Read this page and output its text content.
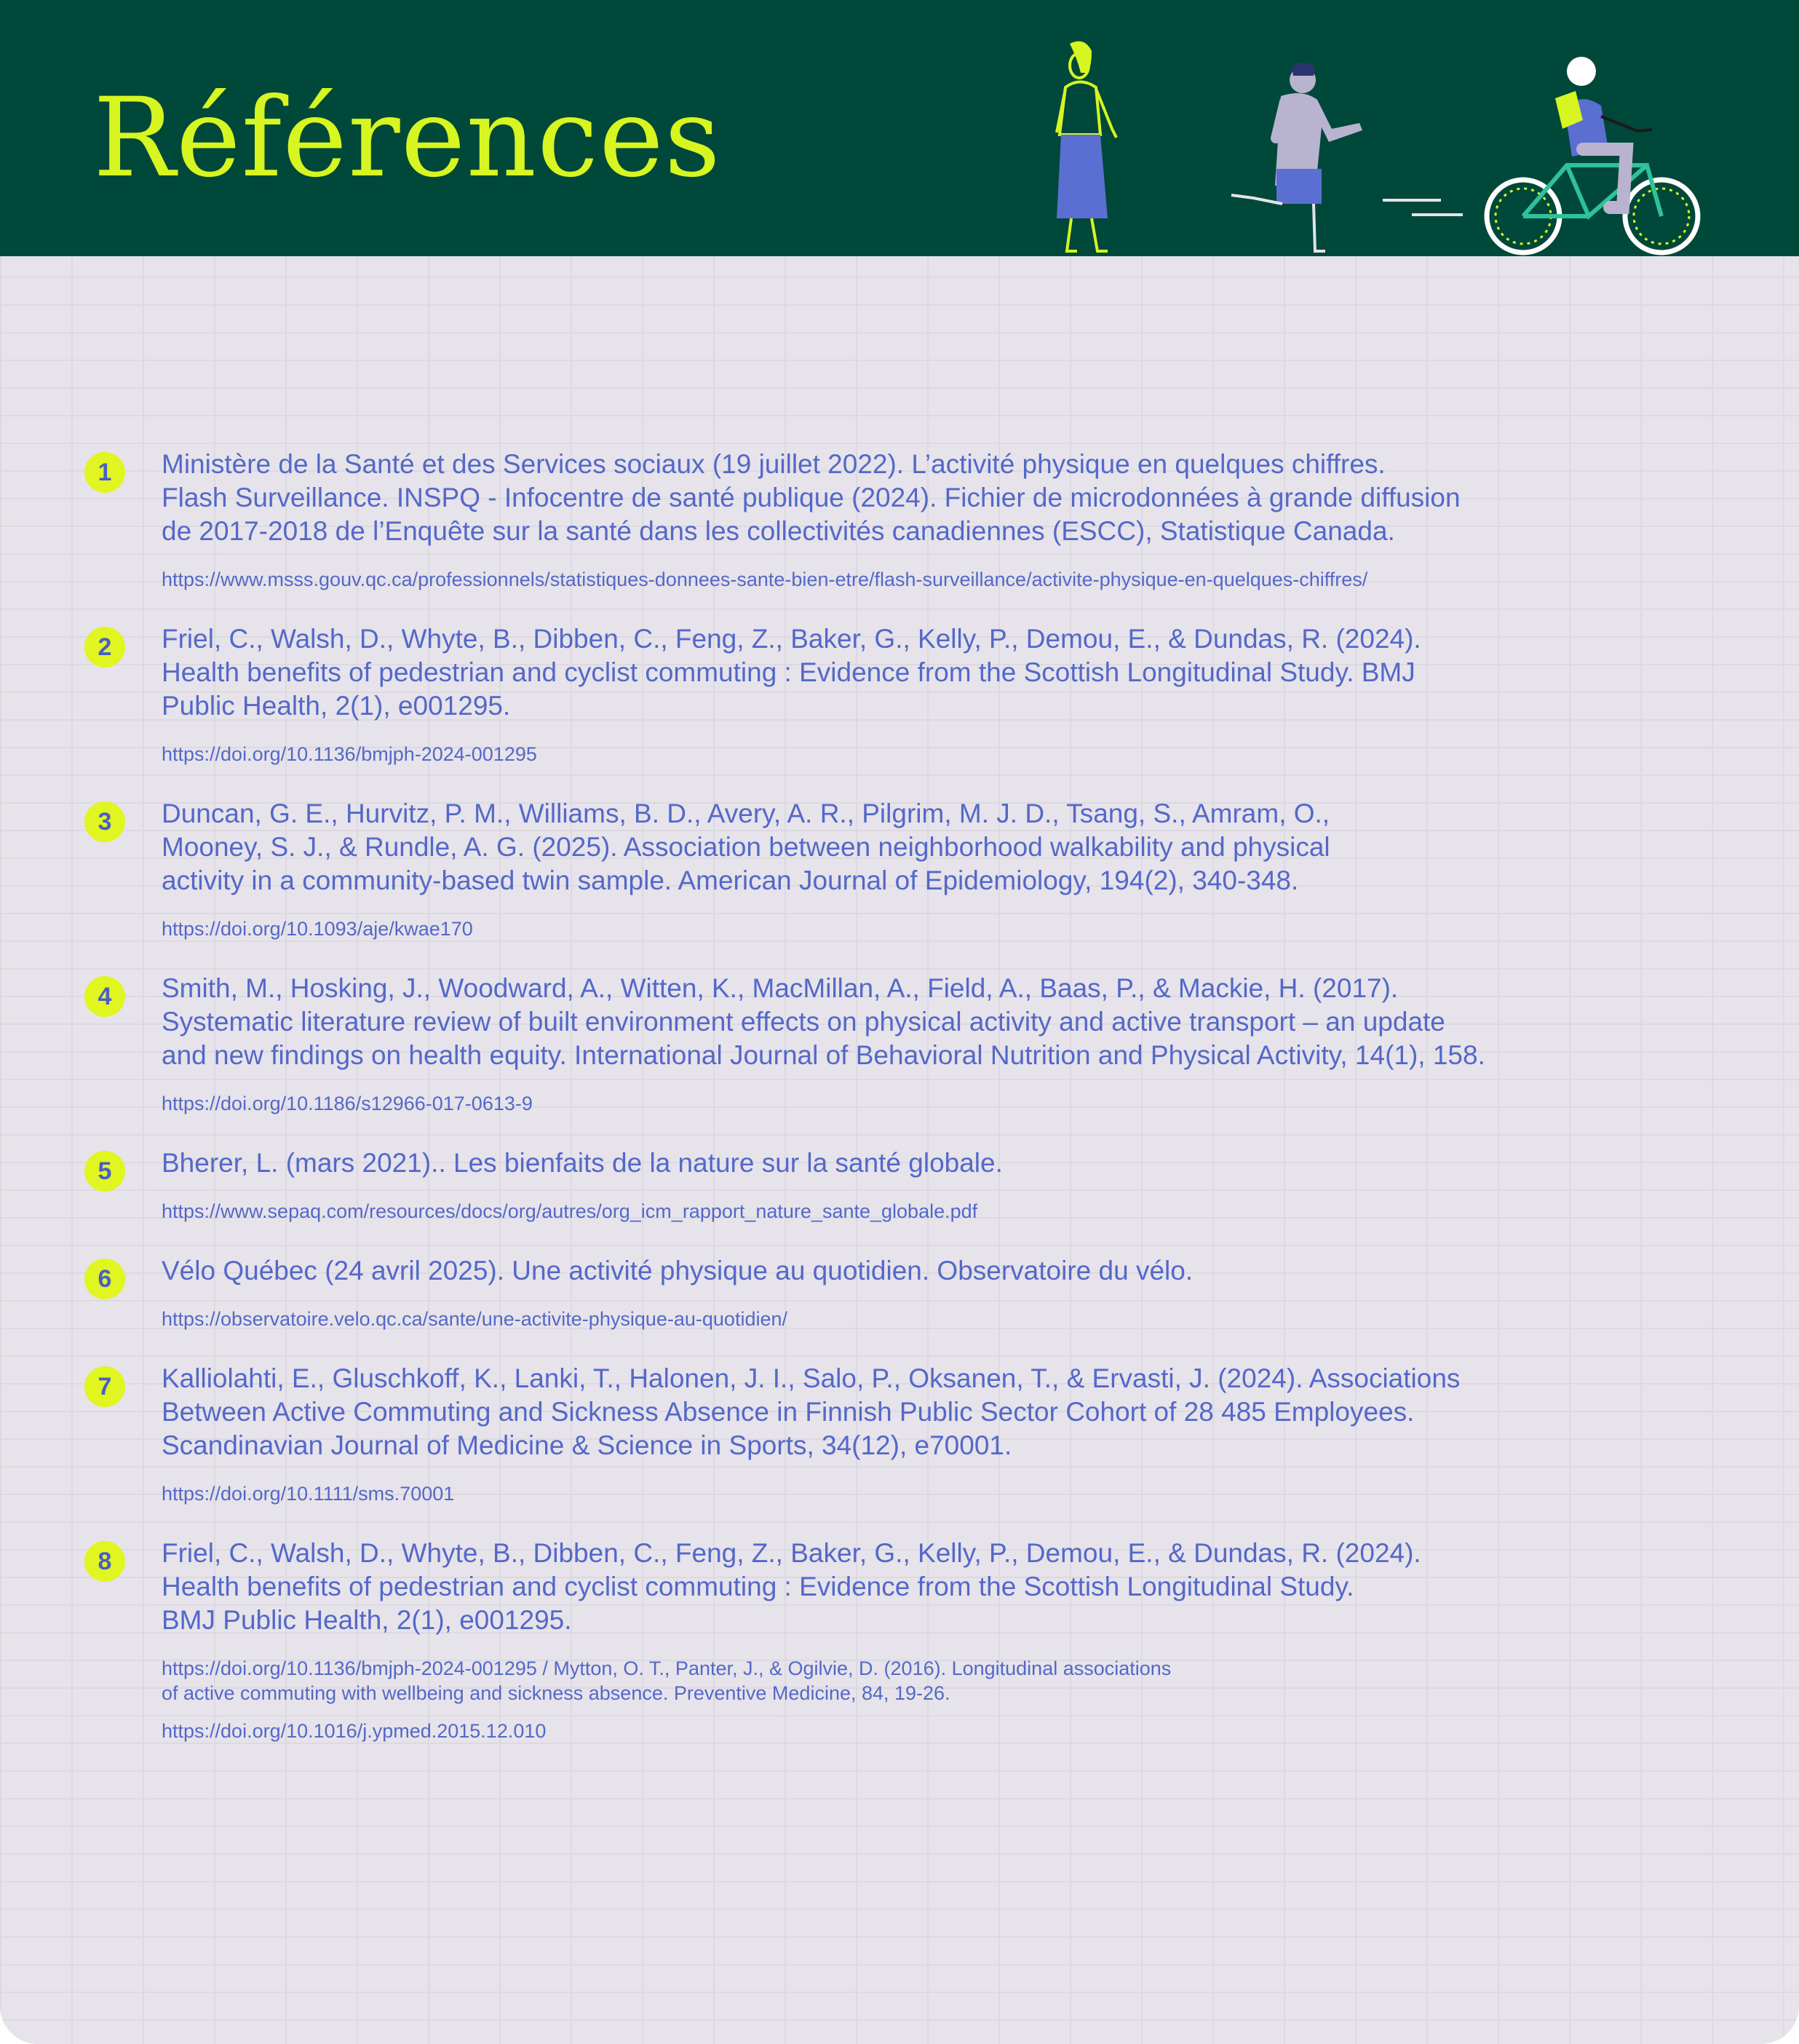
Références
1	Ministère de la Santé et des Services sociaux (19 juillet 2022). L’activité physique en quelques chiffres.
Flash Surveillance. INSPQ - Infocentre de santé publique (2024). Fichier de microdonnées à grande diffusion
de 2017-2018 de l’Enquête sur la santé dans les collectivités canadiennes (ESCC), Statistique Canada.
https://www.msss.gouv.qc.ca/professionnels/statistiques-donnees-sante-bien-etre/flash-surveillance/activite-physique-en-quelques-chiffres/
2	Friel, C., Walsh, D., Whyte, B., Dibben, C., Feng, Z., Baker, G., Kelly, P., Demou, E., & Dundas, R. (2024).
Health benefits of pedestrian and cyclist commuting : Evidence from the Scottish Longitudinal Study. BMJ
Public Health, 2(1), e001295.
https://doi.org/10.1136/bmjph-2024-001295
3	Duncan, G. E., Hurvitz, P. M., Williams, B. D., Avery, A. R., Pilgrim, M. J. D., Tsang, S., Amram, O.,
Mooney, S. J., & Rundle, A. G. (2025). Association between neighborhood walkability and physical
activity in a community-based twin sample. American Journal of Epidemiology, 194(2), 340-348.
https://doi.org/10.1093/aje/kwae170
4	Smith, M., Hosking, J., Woodward, A., Witten, K., MacMillan, A., Field, A., Baas, P., & Mackie, H. (2017).
Systematic literature review of built environment effects on physical activity and active transport – an update
and new findings on health equity. International Journal of Behavioral Nutrition and Physical Activity, 14(1), 158.
https://doi.org/10.1186/s12966-017-0613-9
5	Bherer, L. (mars 2021).. Les bienfaits de la nature sur la santé globale.
https://www.sepaq.com/resources/docs/org/autres/org_icm_rapport_nature_sante_globale.pdf
6	Vélo Québec (24 avril 2025). Une activité physique au quotidien. Observatoire du vélo.
https://observatoire.velo.qc.ca/sante/une-activite-physique-au-quotidien/
7	Kalliolahti, E., Gluschkoff, K., Lanki, T., Halonen, J. I., Salo, P., Oksanen, T., & Ervasti, J. (2024). Associations
Between Active Commuting and Sickness Absence in Finnish Public Sector Cohort of 28 485 Employees.
Scandinavian Journal of Medicine & Science in Sports, 34(12), e70001.
https://doi.org/10.1111/sms.70001
8	Friel, C., Walsh, D., Whyte, B., Dibben, C., Feng, Z., Baker, G., Kelly, P., Demou, E., & Dundas, R. (2024).
Health benefits of pedestrian and cyclist commuting : Evidence from the Scottish Longitudinal Study.
BMJ Public Health, 2(1), e001295.
https://doi.org/10.1136/bmjph-2024-001295 / Mytton, O. T., Panter, J., & Ogilvie, D. (2016). Longitudinal associations
of active commuting with wellbeing and sickness absence. Preventive Medicine, 84, 19-26.
https://doi.org/10.1016/j.ypmed.2015.12.010
